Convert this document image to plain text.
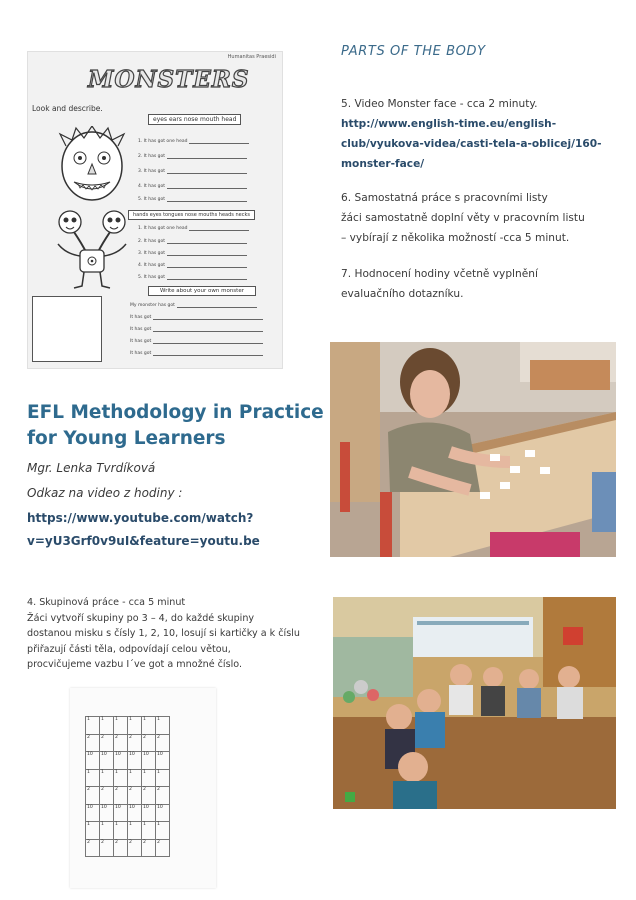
Humanitas Praesidi
MONSTERS
Look and describe.
eyes ears nose mouth head
1. It has got one head
2. It has got
3. It has got
4. It has got
5. It has got
hands eyes tongues nose mouths heads necks
1. It has got one head
2. It has got
3. It has got
4. It has got
5. It has got
Write about your own monster
My monster has got
It has got
It has got
It has got
It has got
PARTS OF THE BODY
5. Video Monster face - cca 2 minuty.
http://www.english-time.eu/english-
club/vyukova-videa/casti-tela-a-oblicej/160-
monster-face/
6. Samostatná práce s pracovními listy
žáci samostatně doplní věty v pracovním listu
– vybírají z několika možností -cca 5 minut.
7. Hodnocení hodiny včetně vyplnění
evaluačního dotazníku.
EFL Methodology in Practice
for Young Learners
Mgr. Lenka Tvrdíková
Odkaz na video z hodiny :
https://www.youtube.com/watch?
v=yU3Grf0v9uI&feature=youtu.be
4. Skupinová práce - cca 5 minut
Žáci vytvoří skupiny po 3 – 4, do každé skupiny
dostanou misku s čísly 1, 2, 10, losují si kartičky a k číslu
přiřazují části těla, odpovídají celou větou,
procvičujeme vazbu I´ve got a množné číslo.
1	1	1	1	1	1
2	2	2	2	2	2
10	10	10	10	10	10
1	1	1	1	1	1
2	2	2	2	2	2
10	10	10	10	10	10
1	1	1	1	1	1
2	2	2	2	2	2
